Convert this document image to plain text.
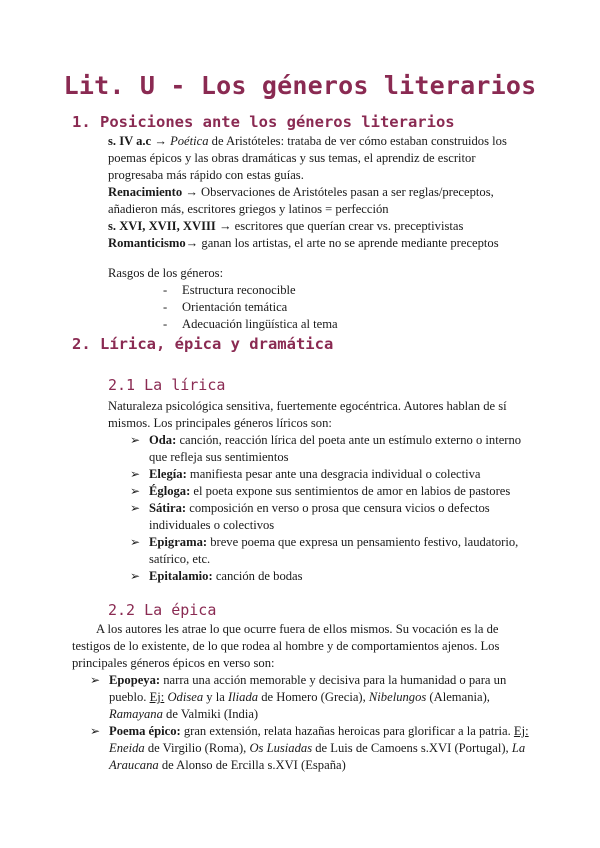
Lit. U - Los géneros literarios
1. Posiciones ante los géneros literarios

s. IV a.c → Poética de Aristóteles: trataba de ver cómo estaban construidos los poemas épicos y las obras dramáticas y sus temas, el aprendiz de escritor progresaba más rápido con estas guías.

Renacimiento → Observaciones de Aristóteles pasan a ser reglas/preceptos, añadieron más, escritores griegos y latinos = perfección

s. XVI, XVII, XVIII → escritores que querían crear vs. preceptivistas

Romanticismo→ ganan los artistas, el arte no se aprende mediante preceptos

Rasgos de los géneros:

- Estructura reconocible
- Orientación temática
- Adecuación lingüística al tema
2. Lírica, épica y dramática
2.1 La lírica

Naturaleza psicológica sensitiva, fuertemente egocéntrica. Autores hablan de sí mismos. Los principales géneros líricos son:

➢ Oda: canción, reacción lírica del poeta ante un estímulo externo o interno que refleja sus sentimientos
➢ Elegía: manifiesta pesar ante una desgracia individual o colectiva
➢ Égloga: el poeta expone sus sentimientos de amor en labios de pastores
➢ Sátira: composición en verso o prosa que censura vicios o defectos individuales o colectivos
➢ Epigrama: breve poema que expresa un pensamiento festivo, laudatorio, satírico, etc.
➢ Epitalamio: canción de bodas
2.2 La épica

A los autores les atrae lo que ocurre fuera de ellos mismos. Su vocación es la de testigos de lo existente, de lo que rodea al hombre y de comportamientos ajenos. Los principales géneros épicos en verso son:

➢ Epopeya: narra una acción memorable y decisiva para la humanidad o para un pueblo. Ej: Odisea y la Iliada de Homero (Grecia), Nibelungos (Alemania), Ramayana de Valmiki (India)
➢ Poema épico: gran extensión, relata hazañas heroicas para glorificar a la patria. Ej: Eneida de Virgilio (Roma), Os Lusiadas de Luis de Camoens s.XVI (Portugal), La Araucana de Alonso de Ercilla s.XVI (España)
